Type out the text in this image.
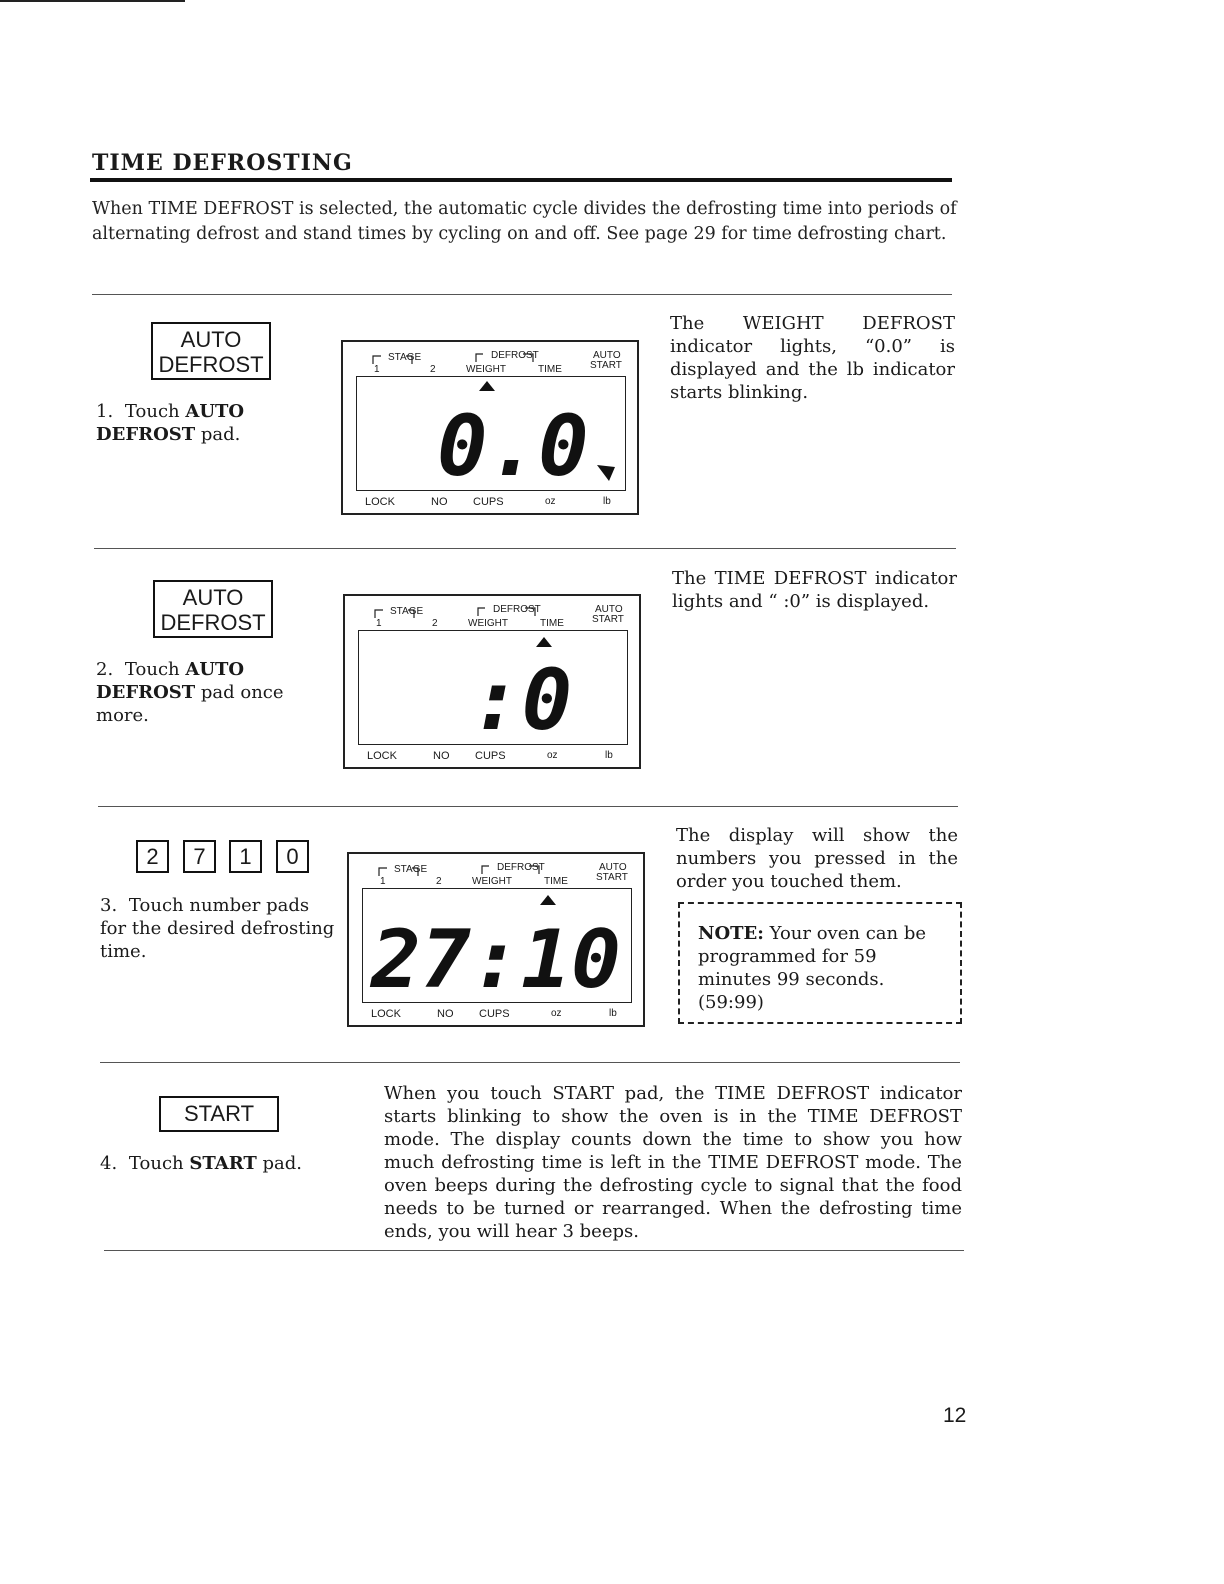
TIME DEFROSTING
When TIME DEFROST is selected, the automatic cycle divides the defrosting time into periods of alternating defrost and stand times by cycling on and off. See page 29 for time defrosting chart.
AUTO
DEFROST
1. Touch AUTO DEFROST pad.
The WEIGHT DEFROST indicator lights, “0.0” is displayed and the lb indicator starts blinking.
STAGE
1	2
DEFROST
WEIGHT	TIME
AUTO
START
0.0
LOCK	NO CUPS	oz	lb
AUTO
DEFROST
2. Touch AUTO DEFROST pad once more.
The TIME DEFROST indicator lights and “ :0” is displayed.
STAGE
1	2
DEFROST
WEIGHT	TIME
AUTO
START
:0
LOCK	NO CUPS	oz	lb
2	7	1	0
3. Touch number pads for the desired defrosting time.
The display will show the numbers you pressed in the order you touched them.
NOTE: Your oven can be programmed for 59 minutes 99 seconds. (59:99)
STAGE
1	2
DEFROST
WEIGHT	TIME
AUTO
START
27:10
LOCK	NO CUPS	oz	lb
START
4. Touch START pad.
When you touch START pad, the TIME DEFROST indicator starts blinking to show the oven is in the TIME DEFROST mode. The display counts down the time to show you how much defrosting time is left in the TIME DEFROST mode. The oven beeps during the defrosting cycle to signal that the food needs to be turned or rearranged. When the defrosting time ends, you will hear 3 beeps.
12
